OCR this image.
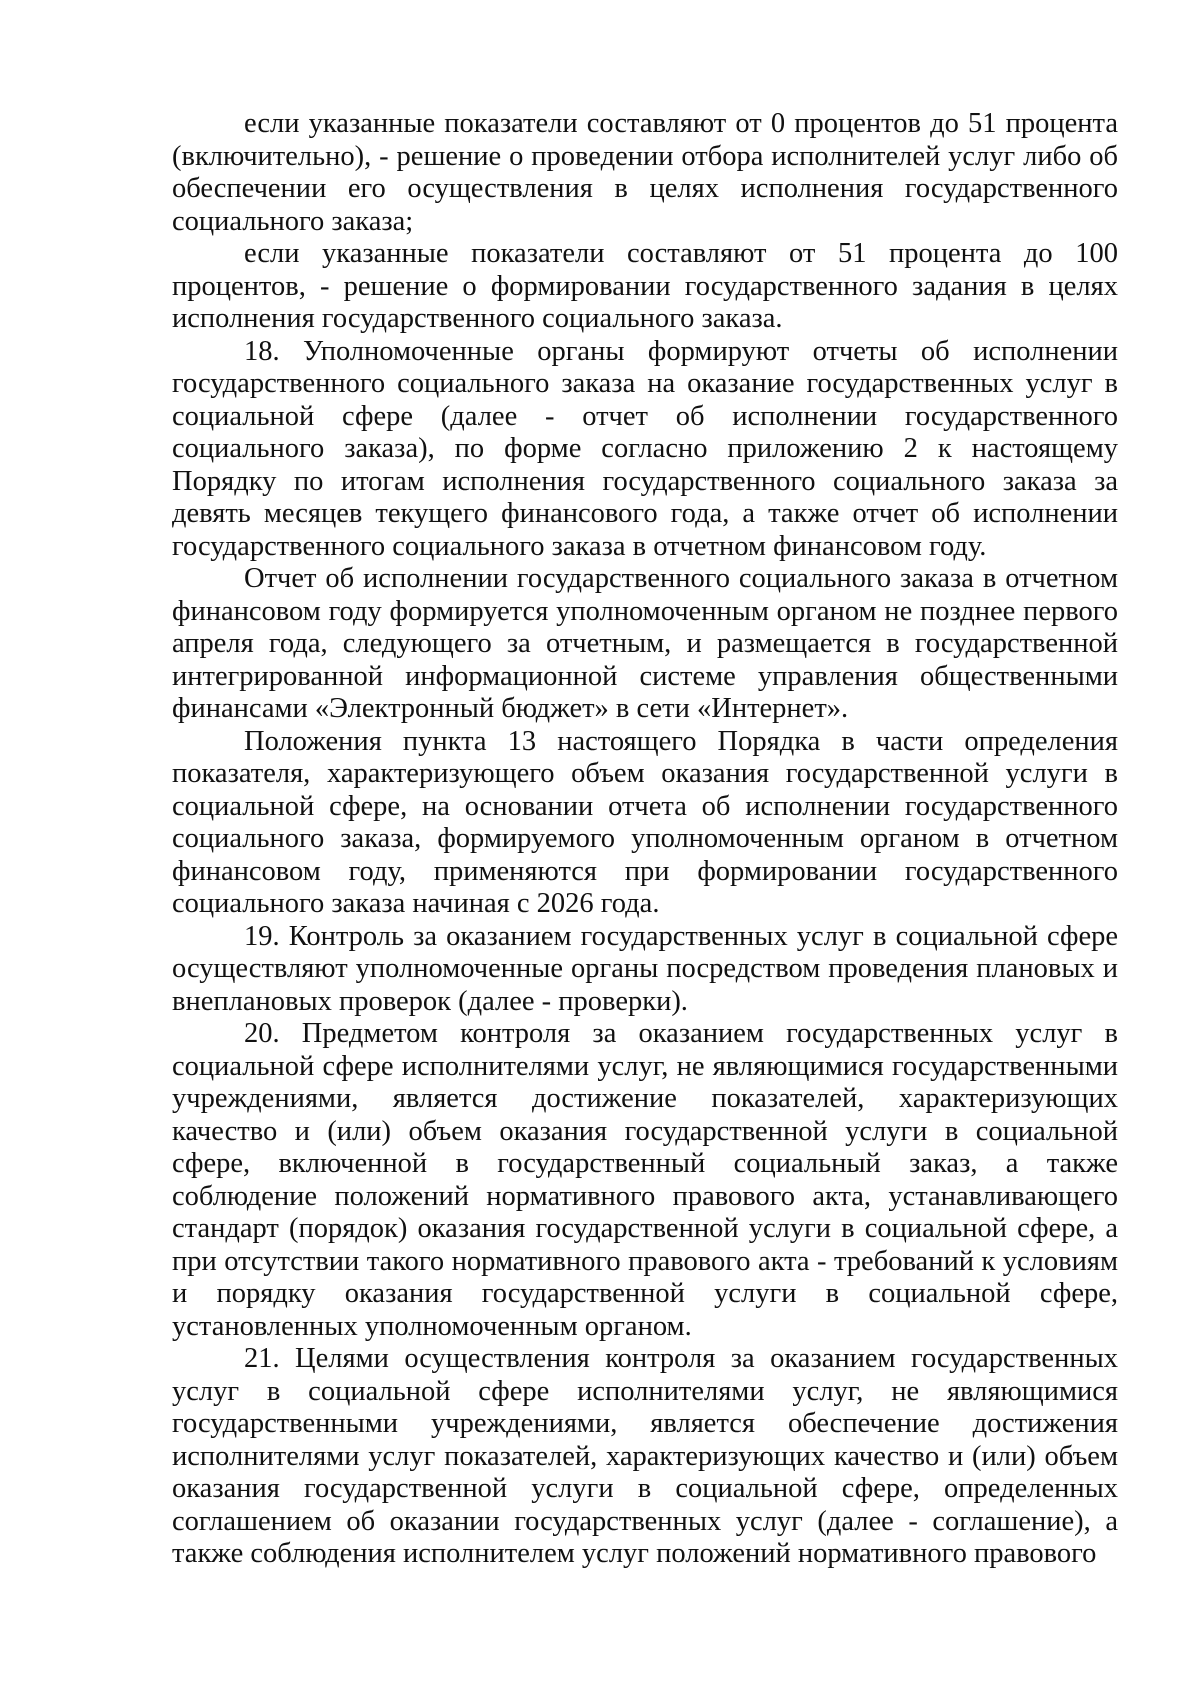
если указанные показатели составляют от 0 процентов до 51 процента (включительно), - решение о проведении отбора исполнителей услуг либо об обеспечении его осуществления в целях исполнения государственного социального заказа;

если указанные показатели составляют от 51 процента до 100 процентов, - решение о формировании государственного задания в целях исполнения государственного социального заказа.

18. Уполномоченные органы формируют отчеты об исполнении государственного социального заказа на оказание государственных услуг в социальной сфере (далее - отчет об исполнении государственного социального заказа), по форме согласно приложению 2 к настоящему Порядку по итогам исполнения государственного социального заказа за девять месяцев текущего финансового года, а также отчет об исполнении государственного социального заказа в отчетном финансовом году.

Отчет об исполнении государственного социального заказа в отчетном финансовом году формируется уполномоченным органом не позднее первого апреля года, следующего за отчетным, и размещается в государственной интегрированной информационной системе управления общественными финансами «Электронный бюджет» в сети «Интернет».

Положения пункта 13 настоящего Порядка в части определения показателя, характеризующего объем оказания государственной услуги в социальной сфере, на основании отчета об исполнении государственного социального заказа, формируемого уполномоченным органом в отчетном финансовом году, применяются при формировании государственного социального заказа начиная с 2026 года.

19. Контроль за оказанием государственных услуг в социальной сфере осуществляют уполномоченные органы посредством проведения плановых и внеплановых проверок (далее - проверки).

20. Предметом контроля за оказанием государственных услуг в социальной сфере исполнителями услуг, не являющимися государственными учреждениями, является достижение показателей, характеризующих качество и (или) объем оказания государственной услуги в социальной сфере, включенной в государственный социальный заказ, а также соблюдение положений нормативного правового акта, устанавливающего стандарт (порядок) оказания государственной услуги в социальной сфере, а при отсутствии такого нормативного правового акта - требований к условиям и порядку оказания государственной услуги в социальной сфере, установленных уполномоченным органом.

21. Целями осуществления контроля за оказанием государственных услуг в социальной сфере исполнителями услуг, не являющимися государственными учреждениями, является обеспечение достижения исполнителями услуг показателей, характеризующих качество и (или) объем оказания государственной услуги в социальной сфере, определенных соглашением об оказании государственных услуг (далее - соглашение), а также соблюдения исполнителем услуг положений нормативного правового
